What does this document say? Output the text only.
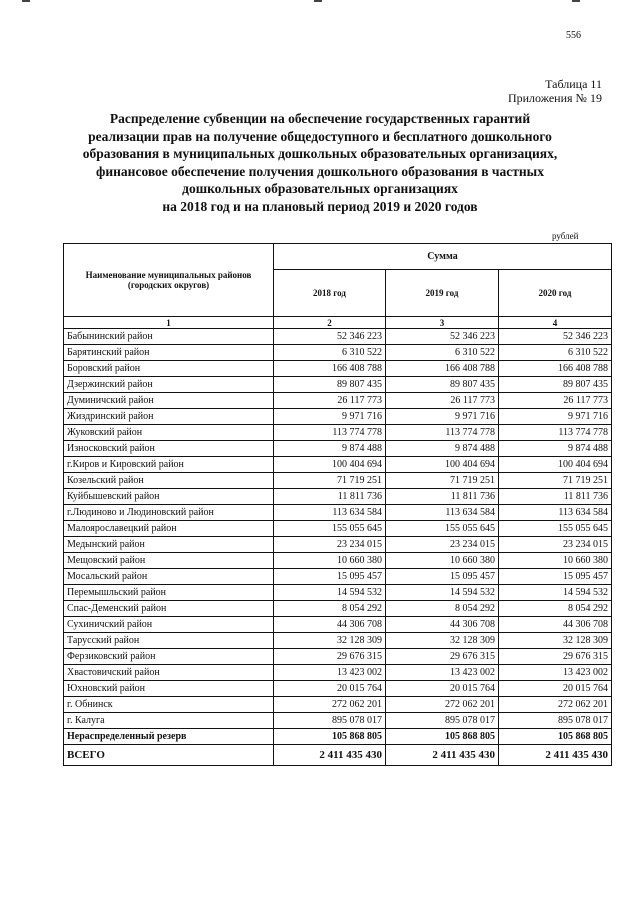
556
Таблица 11
Приложения № 19
Распределение субвенции на обеспечение государственных гарантий
реализации прав на получение общедоступного и бесплатного дошкольного
образования в муниципальных дошкольных образовательных организациях,
финансовое обеспечение получения дошкольного образования в частных
дошкольных образовательных организациях
на 2018 год и на плановый период 2019 и 2020 годов
рублей
Наименование муниципальных районов (городских округов)	Сумма		
	2018 год	2019 год	2020 год
1	2	3	4
Бабынинский район	52 346 223	52 346 223	52 346 223
Барятинский район	6 310 522	6 310 522	6 310 522
Боровский район	166 408 788	166 408 788	166 408 788
Дзержинский район	89 807 435	89 807 435	89 807 435
Думиничский район	26 117 773	26 117 773	26 117 773
Жиздринский район	9 971 716	9 971 716	9 971 716
Жуковский район	113 774 778	113 774 778	113 774 778
Износковский район	9 874 488	9 874 488	9 874 488
г.Киров и Кировский район	100 404 694	100 404 694	100 404 694
Козельский район	71 719 251	71 719 251	71 719 251
Куйбышевский район	11 811 736	11 811 736	11 811 736
г.Людиново и Людиновский район	113 634 584	113 634 584	113 634 584
Малоярославецкий район	155 055 645	155 055 645	155 055 645
Медынский район	23 234 015	23 234 015	23 234 015
Мещовский район	10 660 380	10 660 380	10 660 380
Мосальский район	15 095 457	15 095 457	15 095 457
Перемышльский район	14 594 532	14 594 532	14 594 532
Спас-Деменский район	8 054 292	8 054 292	8 054 292
Сухиничский район	44 306 708	44 306 708	44 306 708
Тарусский район	32 128 309	32 128 309	32 128 309
Ферзиковский район	29 676 315	29 676 315	29 676 315
Хвастовичский район	13 423 002	13 423 002	13 423 002
Юхновский район	20 015 764	20 015 764	20 015 764
г. Обнинск	272 062 201	272 062 201	272 062 201
г. Калуга	895 078 017	895 078 017	895 078 017
Нераспределенный резерв	105 868 805	105 868 805	105 868 805
ВСЕГО	2 411 435 430	2 411 435 430	2 411 435 430
